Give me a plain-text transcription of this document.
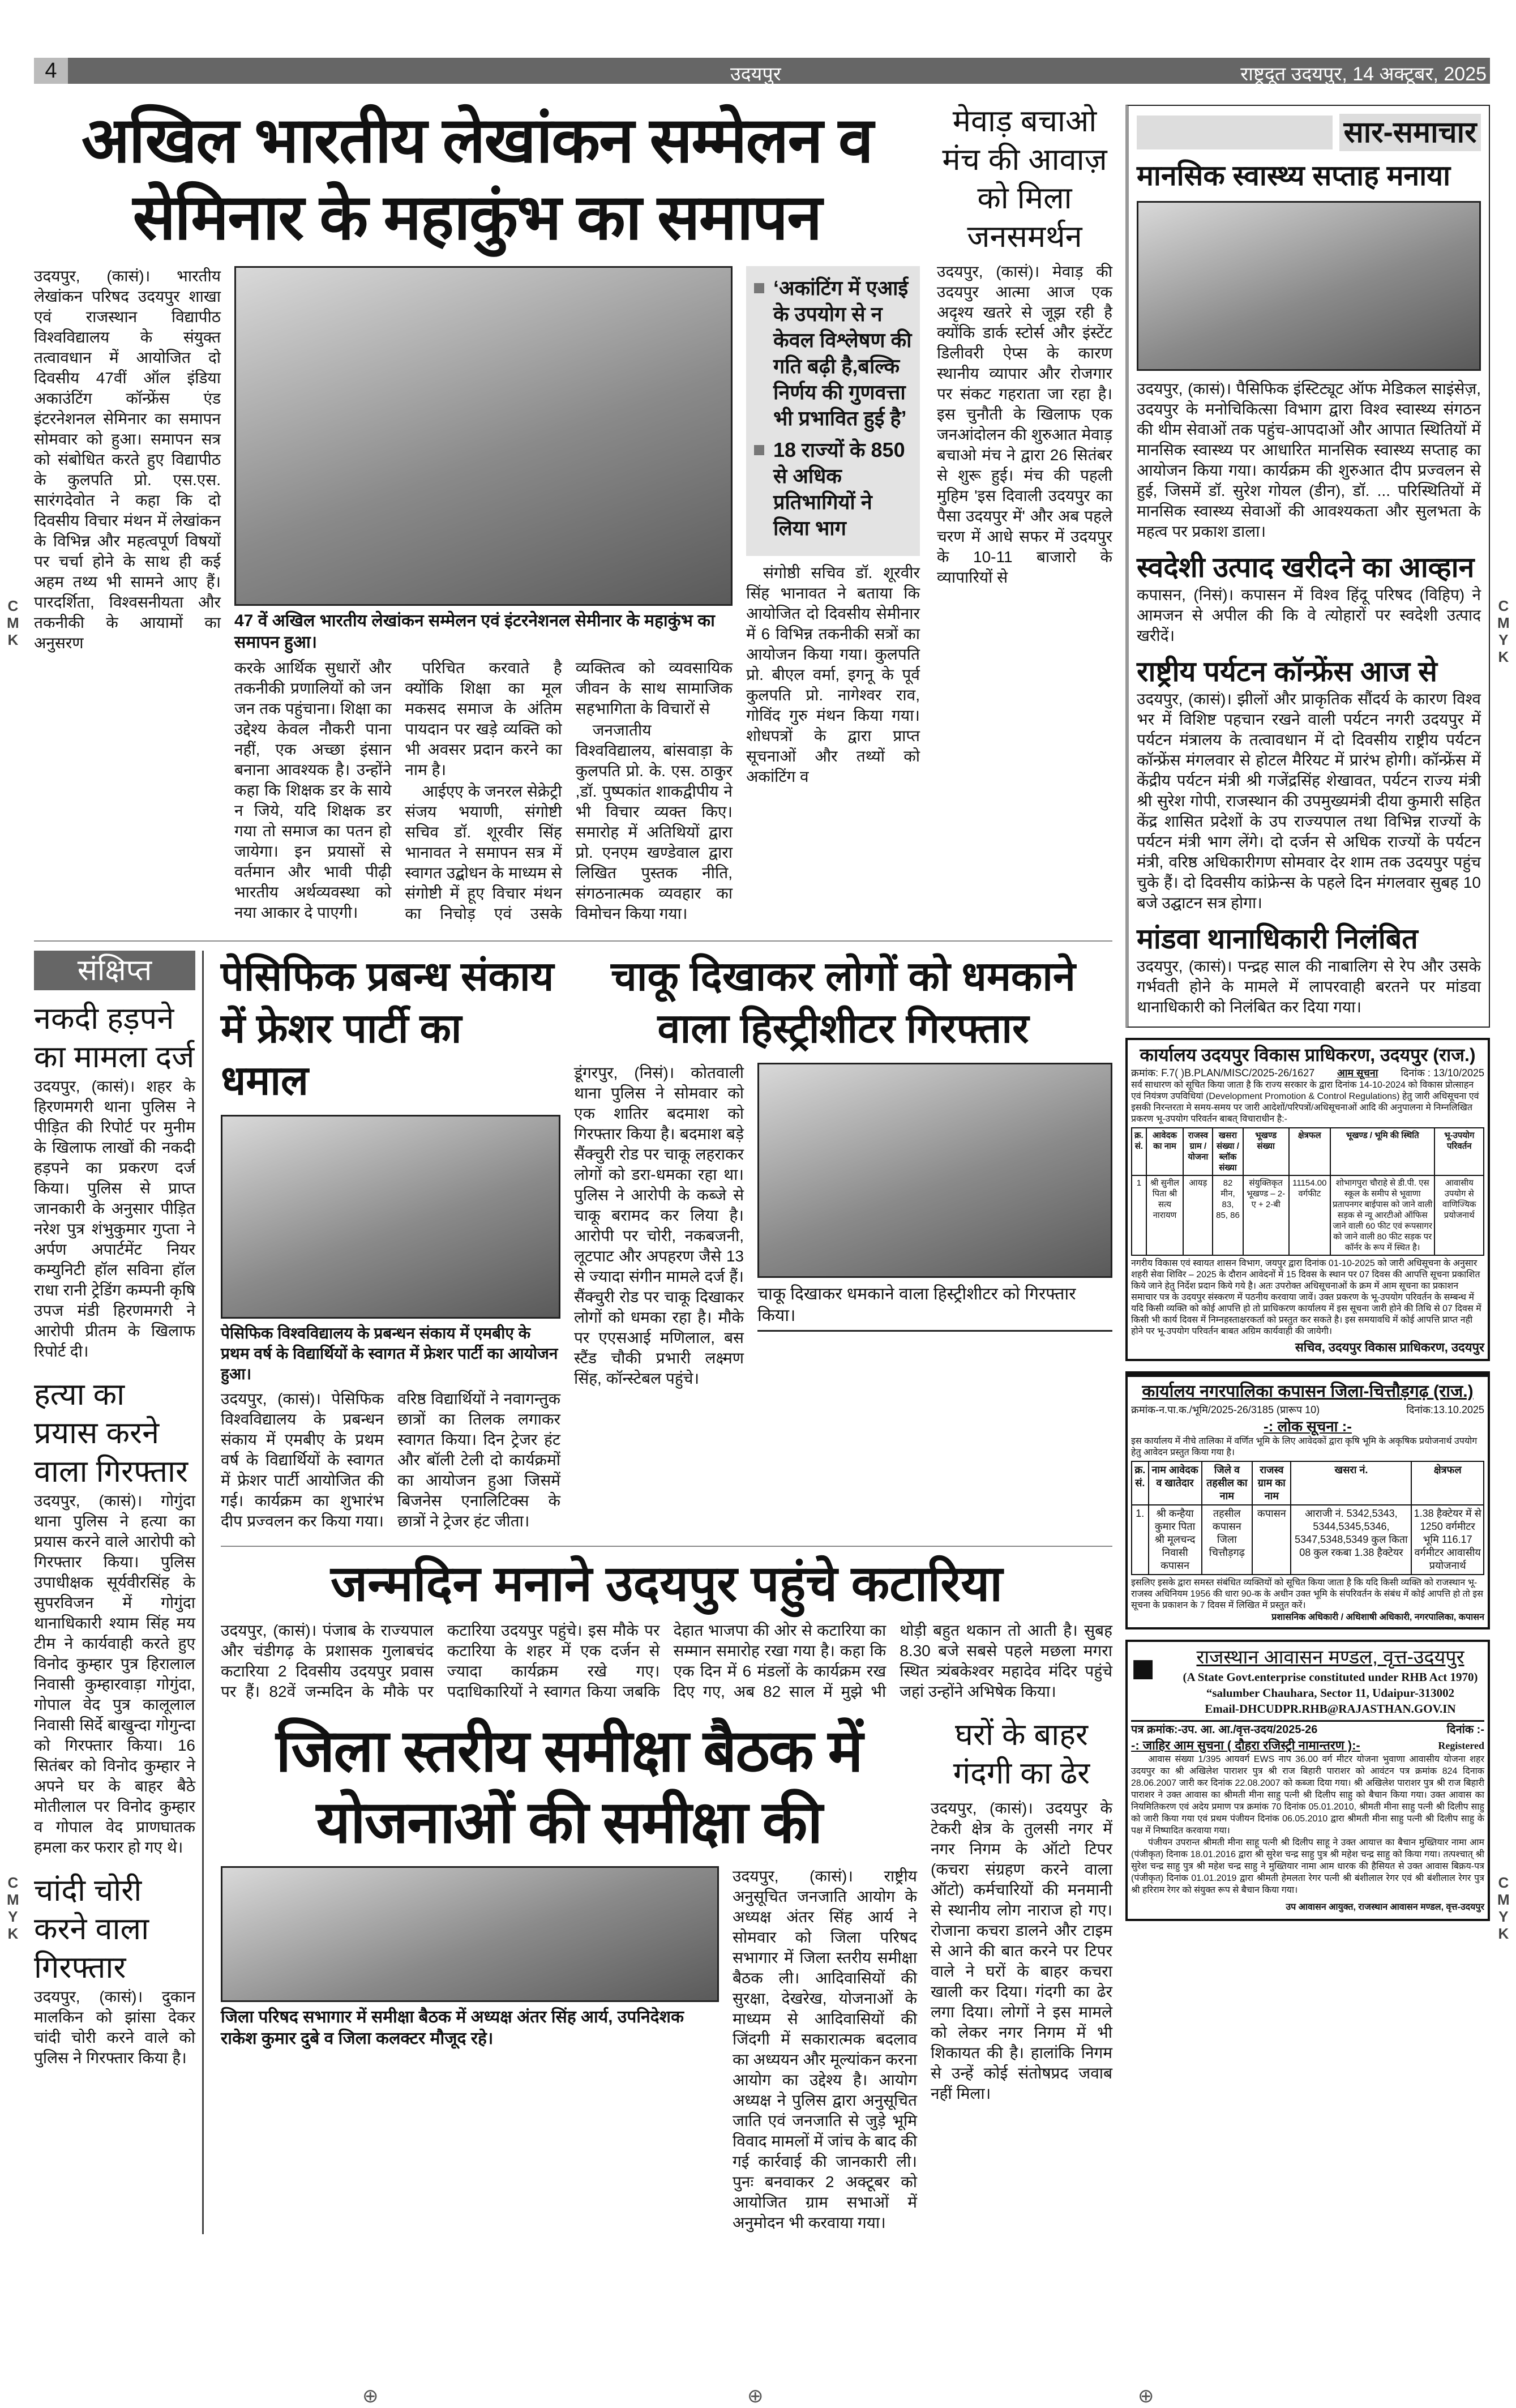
4	उदयपुर	राष्ट्रदूत उदयपुर, 14 अक्टूबर, 2025
अखिल भारतीय लेखांकन सम्मेलन व
सेमिनार के महाकुंभ का समापन

उदयपुर, (कासं)। भारतीय लेखांकन परिषद उदयपुर शाखा एवं राजस्थान विद्यापीठ विश्वविद्यालय के संयुक्त तत्वावधान में आयोजित दो दिवसीय 47वीं ऑल इंडिया अकाउंटिंग कॉन्फ्रेंस एंड इंटरनेशनल सेमिनार का समापन सोमवार को हुआ। समापन सत्र को संबोधित करते हुए विद्यापीठ के कुलपति प्रो. एस.एस. सारंगदेवोत ने कहा कि दो दिवसीय विचार मंथन में लेखांकन के विभिन्न और महत्वपूर्ण विषयों पर चर्चा होने के साथ ही कई अहम तथ्य भी सामने आए हैं। पारदर्शिता, विश्वसनीयता और तकनीकी के आयामों का अनुसरण

47 वें अखिल भारतीय लेखांकन सम्मेलन एवं इंटरनेशनल सेमीनार के महाकुंभ का समापन हुआ।

करके आर्थिक सुधारों और तकनीकी प्रणालियों को जन जन तक पहुंचाना। शिक्षा का उद्देश्य केवल नौकरी पाना नहीं, एक अच्छा इंसान बनाना आवश्यक है। उन्होंने कहा कि शिक्षक डर के साये न जिये, यदि शिक्षक डर गया तो समाज का पतन हो जायेगा। इन प्रयासों से वर्तमान और भावी पीढ़ी भारतीय अर्थव्यवस्था को नया आकार दे पाएगी।

परिचित करवाते है क्योंकि शिक्षा का मूल मकसद समाज के अंतिम पायदान पर खड़े व्यक्ति को भी अवसर प्रदान करने का नाम है।

आईएए के जनरल सेक्रेट्री संजय भयाणी, संगोष्टी सचिव डॉ. शूरवीर सिंह भानावत ने समापन सत्र में स्वागत उद्बोधन के माध्यम से संगोष्टी में हूए विचार मंथन का निचोड़ एवं उसके व्यक्तित्व को व्यवसायिक जीवन के साथ सामाजिक सहभागिता के विचारों से

जनजातीय विश्वविद्यालय, बांसवाड़ा के कुलपति प्रो. के. एस. ठाकुर ,डॉ. पुष्पकांत शाकद्वीपीय ने भी विचार व्यक्त किए। समारोह में अतिथियों द्वारा प्रो. एनएम खण्डेवाल द्वारा लिखित पुस्तक नीति, संगठनात्मक व्यवहार का विमोचन किया गया।

‘अकांटिंग में एआई के उपयोग से न केवल विश्लेषण की गति बढ़ी है,बल्कि निर्णय की गुणवत्ता भी प्रभावित हुई है’
18 राज्यों के 850 से अधिक प्रतिभागियों ने लिया भाग

संगोष्ठी सचिव डॉ. शूरवीर सिंह भानावत ने बताया कि आयोजित दो दिवसीय सेमीनार में 6 विभिन्न तकनीकी सत्रों का आयोजन किया गया। कुलपति प्रो. बीएल वर्मा, इगनू के पूर्व कुलपति प्रो. नागेश्वर राव, गोविंद गुरु मंथन किया गया। शोधपत्रों के द्वारा प्राप्त सूचनाओं और तथ्यों को अकांटिंग व

मेवाड़ बचाओ मंच की आवाज़ को मिला जनसमर्थन

उदयपुर, (कासं)। मेवाड़ की उदयपुर आत्मा आज एक अदृश्य खतरे से जूझ रही है क्योंकि डार्क स्टोर्स और इंस्टेंट डिलीवरी ऐप्स के कारण स्थानीय व्यापार और रोजगार पर संकट गहराता जा रहा है। इस चुनौती के खिलाफ एक जनआंदोलन की शुरुआत मेवाड़ बचाओ मंच ने द्वारा 26 सितंबर से शुरू हुई। मंच की पहली मुहिम 'इस दिवाली उदयपुर का पैसा उदयपुर में' और अब पहले चरण में आधे सफर में उदयपुर के 10-11 बाजारो के व्यापारियों से

संक्षिप्त
नकदी हड़पने का मामला दर्ज

उदयपुर, (कासं)। शहर के हिरणमगरी थाना पुलिस ने पीड़ित की रिपोर्ट पर मुनीम के खिलाफ लाखों की नकदी हड़पने का प्रकरण दर्ज किया। पुलिस से प्राप्त जानकारी के अनुसार पीड़ित नरेश पुत्र शंभुकुमार गुप्ता ने अर्पण अपार्टमेंट नियर कम्युनिटी हॉल सविना हॉल राधा रानी ट्रेडिंग कम्पनी कृषि उपज मंडी हिरणमगरी ने आरोपी प्रीतम के खिलाफ रिपोर्ट दी।

हत्या का प्रयास करने वाला गिरफ्तार

उदयपुर, (कासं)। गोगुंदा थाना पुलिस ने हत्या का प्रयास करने वाले आरोपी को गिरफ्तार किया। पुलिस उपाधीक्षक सूर्यवीरसिंह के सुपरविजन में गोगुंदा थानाधिकारी श्याम सिंह मय टीम ने कार्यवाही करते हुए विनोद कुम्हार पुत्र हिरालाल निवासी कुम्हारवाड़ा गोगुंदा, गोपाल वेद पुत्र कालूलाल निवासी सिर्दे बाखुन्दा गोगुन्दा को गिरफ्तार किया। 16 सितंबर को विनोद कुम्हार ने अपने घर के बाहर बैठे मोतीलाल पर विनोद कुम्हार व गोपाल वेद प्राणघातक हमला कर फरार हो गए थे।

चांदी चोरी करने वाला गिरफ्तार

उदयपुर, (कासं)। दुकान मालकिन को झांसा देकर चांदी चोरी करने वाले को पुलिस ने गिरफ्तार किया है।

पेसिफिक प्रबन्ध संकाय में फ्रेशर पार्टी का धमाल
पेसिफिक विश्वविद्यालय के प्रबन्धन संकाय में एमबीए के प्रथम वर्ष के विद्यार्थियों के स्वागत में फ्रेशर पार्टी का आयोजन हुआ।

उदयपुर, (कासं)। पेसिफिक विश्वविद्यालय के प्रबन्धन संकाय में एमबीए के प्रथम वर्ष के विद्यार्थियों के स्वागत में फ्रेशर पार्टी आयोजित की गई। कार्यक्रम का शुभारंभ दीप प्रज्वलन कर किया गया। वरिष्ठ विद्यार्थियों ने नवागन्तुक छात्रों का तिलक लगाकर स्वागत किया। दिन ट्रेजर हंट और बॉली टेली दो कार्यक्रमों का आयोजन हुआ जिसमें बिजनेस एनालिटिक्स के छात्रों ने ट्रेजर हंट जीता।

चाकू दिखाकर लोगों को धमकाने वाला हिस्ट्रीशीटर गिरफ्तार

डूंगरपुर, (निसं)। कोतवाली थाना पुलिस ने सोमवार को एक शातिर बदमाश को गिरफ्तार किया है। बदमाश बड़े सैंक्चुरी रोड पर चाकू लहराकर लोगों को डरा-धमका रहा था। पुलिस ने आरोपी के कब्जे से चाकू बरामद कर लिया है। आरोपी पर चोरी, नकबजनी, लूटपाट और अपहरण जैसे 13 से ज्यादा संगीन मामले दर्ज हैं। सैंक्चुरी रोड पर चाकू दिखाकर लोगों को धमका रहा है। मौके पर एएसआई मणिलाल, बस स्टैंड चौकी प्रभारी लक्ष्मण सिंह, कॉन्स्टेबल पहुंचे।

चाकू दिखाकर धमकाने वाला हिस्ट्रीशीटर को गिरफ्तार किया।
जन्मदिन मनाने उदयपुर पहुंचे कटारिया

उदयपुर, (कासं)। पंजाब के राज्यपाल और चंडीगढ़ के प्रशासक गुलाबचंद कटारिया 2 दिवसीय उदयपुर प्रवास पर हैं। 82वें जन्मदिन के मौके पर कटारिया उदयपुर पहुंचे। इस मौके पर कटारिया के शहर में एक दर्जन से ज्यादा कार्यक्रम रखे गए। पदाधिकारियों ने स्वागत किया जबकि देहात भाजपा की ओर से कटारिया का सम्मान समारोह रखा गया है। कहा कि एक दिन में 6 मंडलों के कार्यक्रम रख दिए गए, अब 82 साल में मुझे भी थोड़ी बहुत थकान तो आती है। सुबह 8.30 बजे सबसे पहले मछला मगरा स्थित त्र्यंबकेश्वर महादेव मंदिर पहुंचे जहां उन्होंने अभिषेक किया।

जिला स्तरीय समीक्षा बैठक में
योजनाओं की समीक्षा की
जिला परिषद सभागार में समीक्षा बैठक में अध्यक्ष अंतर सिंह आर्य, उपनिदेशक राकेश कुमार दुबे व जिला कलक्टर मौजूद रहे।

उदयपुर, (कासं)। राष्ट्रीय अनुसूचित जनजाति आयोग के अध्यक्ष अंतर सिंह आर्य ने सोमवार को जिला परिषद सभागार में जिला स्तरीय समीक्षा बैठक ली। आदिवासियों की सुरक्षा, देखरेख, योजनाओं के माध्यम से आदिवासियों की जिंदगी में सकारात्मक बदलाव का अध्ययन और मूल्यांकन करना आयोग का उद्देश्य है। आयोग अध्यक्ष ने पुलिस द्वारा अनुसूचित जाति एवं जनजाति से जुड़े भूमि विवाद मामलों में जांच के बाद की गई कार्रवाई की जानकारी ली। पुनः बनवाकर 2 अक्टूबर को आयोजित ग्राम सभाओं में अनुमोदन भी करवाया गया।

घरों के बाहर गंदगी का ढेर

उदयपुर, (कासं)। उदयपुर के टेकरी क्षेत्र के तुलसी नगर में नगर निगम के ऑटो टिपर (कचरा संग्रहण करने वाला ऑटो) कर्मचारियों की मनमानी से स्थानीय लोग नाराज हो गए। रोजाना कचरा डालने और टाइम से आने की बात करने पर टिपर वाले ने घरों के बाहर कचरा खाली कर दिया। गंदगी का ढेर लगा दिया। लोगों ने इस मामले को लेकर नगर निगम में भी शिकायत की है। हालांकि निगम से उन्हें कोई संतोषप्रद जवाब नहीं मिला।

सार-समाचार
मानसिक स्वास्थ्य सप्ताह मनाया

उदयपुर, (कासं)। पैसिफिक इंस्टिट्यूट ऑफ मेडिकल साइंसेज़, उदयपुर के मनोचिकित्सा विभाग द्वारा विश्व स्वास्थ्य संगठन की थीम सेवाओं तक पहुंच-आपदाओं और आपात स्थितियों में मानसिक स्वास्थ्य पर आधारित मानसिक स्वास्थ्य सप्ताह का आयोजन किया गया। कार्यक्रम की शुरुआत दीप प्रज्वलन से हुई, जिसमें डॉ. सुरेश गोयल (डीन), डॉ. ... परिस्थितियों में मानसिक स्वास्थ्य सेवाओं की आवश्यकता और सुलभता के महत्व पर प्रकाश डाला।

स्वदेशी उत्पाद खरीदने का आव्हान

कपासन, (निसं)। कपासन में विश्व हिंदू परिषद (विहिप) ने आमजन से अपील की कि वे त्योहारों पर स्वदेशी उत्पाद खरीदें।

राष्ट्रीय पर्यटन कॉन्फ्रेंस आज से

उदयपुर, (कासं)। झीलों और प्राकृतिक सौंदर्य के कारण विश्व भर में विशिष्ट पहचान रखने वाली पर्यटन नगरी उदयपुर में पर्यटन मंत्रालय के तत्वावधान में दो दिवसीय राष्ट्रीय पर्यटन कॉन्फ्रेंस मंगलवार से होटल मैरियट में प्रारंभ होगी। कॉन्फ्रेंस में केंद्रीय पर्यटन मंत्री श्री गजेंद्रसिंह शेखावत, पर्यटन राज्य मंत्री श्री सुरेश गोपी, राजस्थान की उपमुख्यमंत्री दीया कुमारी सहित केंद्र शासित प्रदेशों के उप राज्यपाल तथा विभिन्न राज्यों के पर्यटन मंत्री भाग लेंगे। दो दर्जन से अधिक राज्यों के पर्यटन मंत्री, वरिष्ठ अधिकारीगण सोमवार देर शाम तक उदयपुर पहुंच चुके हैं। दो दिवसीय कांफ्रेन्स के पहले दिन मंगलवार सुबह 10 बजे उद्घाटन सत्र होगा।

मांडवा थानाधिकारी निलंबित

उदयपुर, (कासं)। पन्द्रह साल की नाबालिग से रेप और उसके गर्भवती होने के मामले में लापरवाही बरतने पर मांडवा थानाधिकारी को निलंबित कर दिया गया।

कार्यालय उदयपुर विकास प्राधिकरण, उदयपुर (राज.)
क्रमांक: F.7( )B.PLAN/MISC/2025-26/1627 आम सूचना दिनांक : 13/10/2025
सर्व साधारण को सूचित किया जाता है कि राज्य सरकार के द्वारा दिनांक 14-10-2024 को विकास प्रोत्साहन एवं नियंत्रण उपविधियां (Development Promotion & Control Regulations) हेतु जारी अधिसूचना एवं इसकी निरन्तरता मे समय-समय पर जारी आदेशों/परिपत्रों/अधिसूचनाओं आदि की अनुपालना मे निम्नलिखित प्रकरण भू-उपयोग परिवर्तन बाबत् विचाराधीन है:-
क्र. सं.	आवेदक का नाम	राजस्व ग्राम / योजना	खसरा संख्या / ब्लॉक संख्या	भूखण्ड संख्या	क्षेत्रफल	भूखण्ड / भूमि की स्थिति	भू-उपयोग परिवर्तन
1	श्री सुनील पिता श्री सत्य नारायण	आयड़	82 मीन, 83, 85, 86	संयुक्तिकृत भूखण्ड – 2-ए + 2-बी	11154.00 वर्गफीट	शोभागपुरा चौराहे से डी.पी. एस स्कूल के समीप से भूवाणा प्रतापनगर बाईपास को जाने वाली सड़क से न्यू आरटीओ ऑफिस जाने वाली 60 फीट एवं रूपसागर को जाने वाली 80 फीट सड़क पर कॉर्नर के रूप में स्थित है।	आवासीय उपयोग से वाणिज्यिक प्रयोजनार्थ
नगरीय विकास एवं स्वायत शासन विभाग, जयपुर द्वारा दिनांक 01-10-2025 को जारी अधिसूचना के अनुसार शहरी सेवा शिविर – 2025 के दौरान आवेदनों में 15 दिवस के स्थान पर 07 दिवस की आपत्ति सूचना प्रकाशित किये जाने हेतु निर्देश प्रदान किये गये है। अतः उपरोक्त अधिसूचनाओं के क्रम में आम सूचना का प्रकाशन समाचार पत्र के उदयपुर संस्करण में पठनीय करवाया जावें। उक्त प्रकरण के भू-उपयोग परिवर्तन के सम्बन्ध में यदि किसी व्यक्ति को कोई आपत्ति हो तो प्राधिकरण कार्यालय में इस सूचना जारी होने की तिथि से 07 दिवस में किसी भी कार्य दिवस में निम्नहस्ताक्षरकर्ता को प्रस्तुत कर सकते है। इस समयावधि में कोई आपत्ति प्राप्त नही होने पर भू-उपयोग परिवर्तन बाबत अग्रिम कार्यवाही की जायेगी।
सचिव, उदयपुर विकास प्राधिकरण, उदयपुर
कार्यालय नगरपालिका कपासन जिला-चित्तौड़गढ़ (राज.)
क्रमांक-न.पा.क./भूमि/2025-26/3185 (प्रारूप 10)	दिनांक:13.10.2025
-: लोक सूचना :-
इस कार्यालय में नीचे तालिका में वर्णित भूमि के लिए आवेदकों द्वारा कृषि भूमि के अकृषिक प्रयोजनार्थ उपयोग हेतु आवेदन प्रस्तुत किया गया है।
क्र. सं.	नाम आवेदक व खातेदार	जिले व तहसील का नाम	राजस्व ग्राम का नाम	खसरा नं.	क्षेत्रफल
1.	श्री कन्हैया कुमार पिता श्री मूलचन्द निवासी कपासन	तहसील कपासन जिला चित्तौड़गढ़	कपासन	आराजी नं. 5342,5343, 5344,5345,5346, 5347,5348,5349 कुल किता 08 कुल रकबा 1.38 हैक्टेयर	1.38 हैक्टेयर में से 1250 वर्गमीटर भूमि 116.17 वर्गमीटर आवासीय प्रयोजनार्थ
इसलिए इसके द्वारा समस्त संबंधित व्यक्तियों को सूचित किया जाता है कि यदि किसी व्यक्ति को राजस्थान भू-राजस्व अधिनियम 1956 की धारा 90-क के अधीन उक्त भूमि के संपरिवर्तन के संबंध में कोई आपत्ति हो तो इस सूचना के प्रकाशन के 7 दिवस में लिखित में प्रस्तुत करें।
प्रशासनिक अधिकारी / अधिशाषी अधिकारी, नगरपालिका, कपासन
■	राजस्थान आवासन मण्डल, वृत्त-उदयपुर
(A State Govt.enterprise constituted under RHB Act 1970)
“salumber Chauhara, Sector 11, Udaipur-313002
Email-DHCUDPR.RHB@RAJASTHAN.GOV.IN
पत्र क्रमांक:-उप. आ. आ./वृत्त-उदय/2025-26	दिनांक :-
-: जाहिर आम सुचना ( दौहरा रजिस्ट्री नामान्तरण ):-	Registered
आवास संख्या 1/395 आयवर्ग EWS नाप 36.00 वर्ग मीटर योजना भुवाणा आवासीय योजना शहर उदयपुर का श्री अखिलेश पाराशर पुत्र श्री राज बिहारी पाराशर को आवंटन पत्र क्रमांक 824 दिनाक 28.06.2007 जारी कर दिनांक 22.08.2007 को कब्जा दिया गया। श्री अखिलेश पाराशर पुत्र श्री राज बिहारी पाराशर ने उक्त आवास का श्रीमती मीना साहु पत्नी श्री दिलीप साहु को बैचान किया गया। उक्त आवास का नियमितिकरण एवं अदेय प्रमाण पत्र क्रमांक 70 दिनांक 05.01.2010, श्रीमती मीना साहु पत्नी श्री दिलीप साहु को जारी किया गया एवं प्रथम पंजीयन दिनांक 06.05.2010 द्वारा श्रीमती मीना साहु पत्नी श्री दिलीप साहु के पक्ष में निष्पादित करवाया गया।
पंजीयन उपरान्त श्रीमती मीना साहू पत्नी श्री दिलीप साहू ने उक्त आयात्त का बैचान मुख्तियार नामा आम (पंजीकृत) दिनाक 18.01.2016 द्वारा श्री सुरेश चन्द्र साहु पुत्र श्री महेश चन्द्र साहु को किया गया। तत्पश्चात् श्री सुरेश चन्द्र साहु पुत्र श्री महेश चन्द्र साहु ने मुख्तियार नामा आम धारक की हैसियत से उक्त आवास बिक्रय-पत्र (पंजीकृत) दिनांक 01.01.2019 द्वारा श्रीमती हेमलता रेगर पत्नी श्री बंशीलाल रेगर एवं श्री बंशीलाल रेगर पुत्र श्री हरिराम रेगर को संयुक्त रूप से बैचान किया गया।
उप आवासन आयुक्त, राजस्थान आवासन मण्डल, वृत्त-उदयपुर
C
M
K
C
M
Y
K
C
M
Y
K
C
M
Y
K
⊕	⊕	⊕
